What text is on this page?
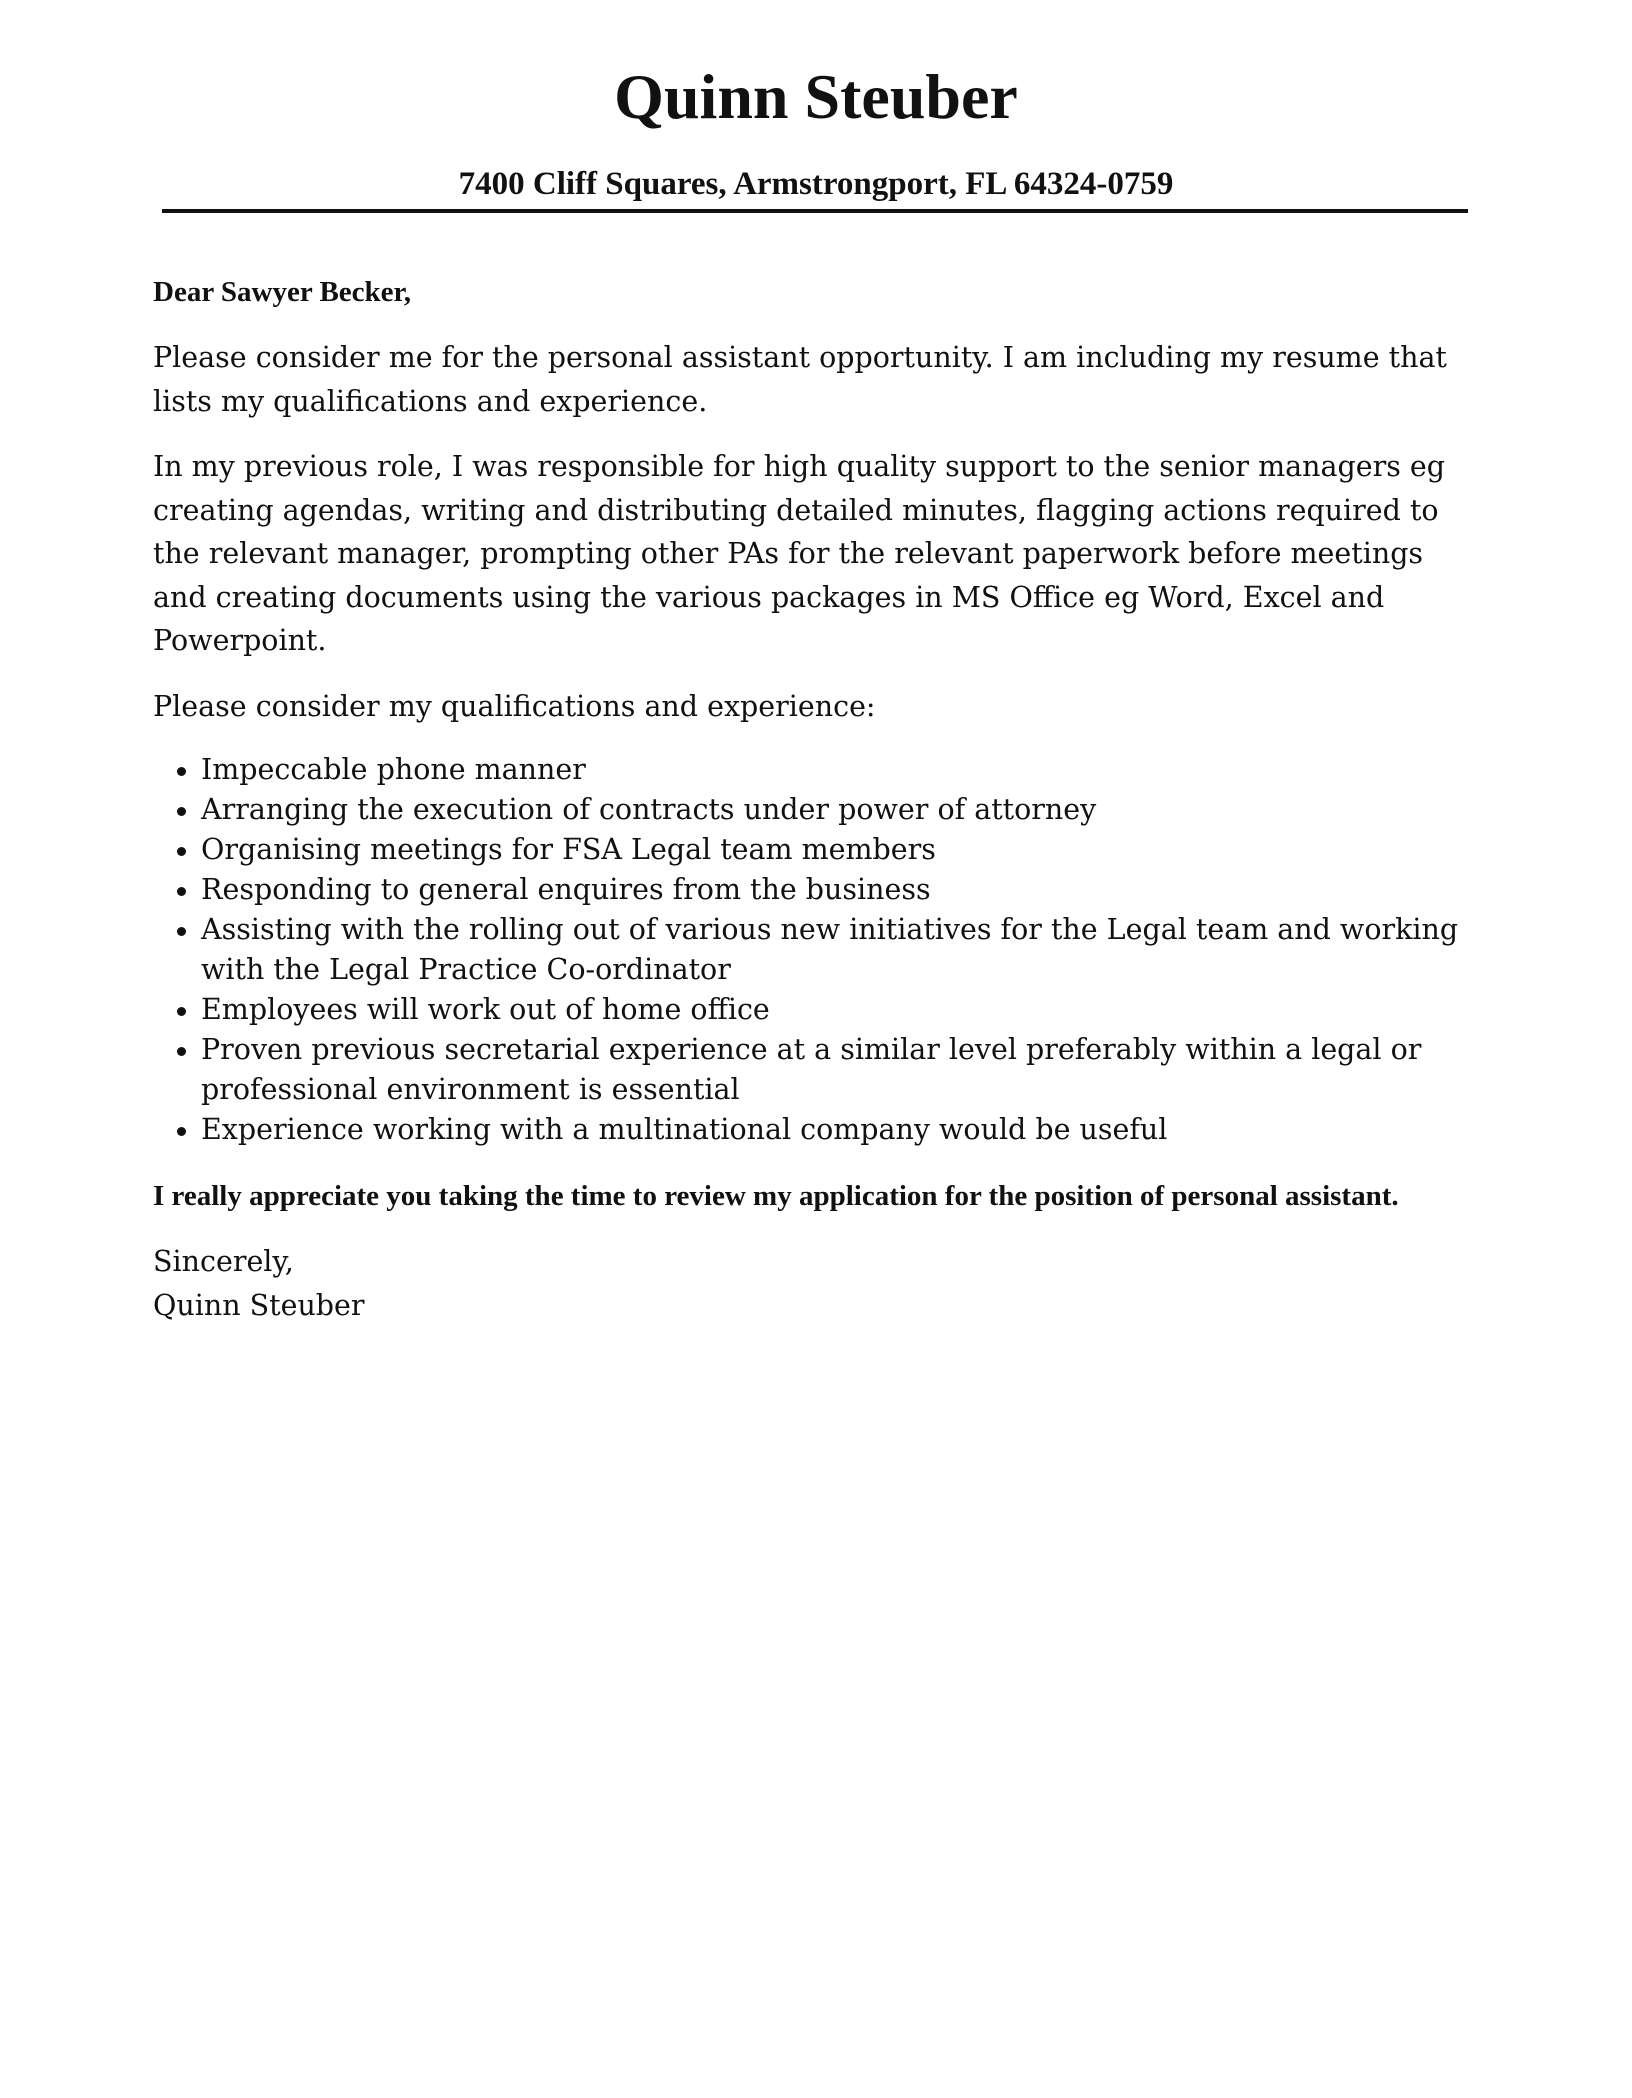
Quinn Steuber
7400 Cliff Squares, Armstrongport, FL 64324-0759
Dear Sawyer Becker,

Please consider me for the personal assistant opportunity. I am including my resume that lists my qualifications and experience.

In my previous role, I was responsible for high quality support to the senior managers eg creating agendas, writing and distributing detailed minutes, flagging actions required to the relevant manager, prompting other PAs for the relevant paperwork before meetings and creating documents using the various packages in MS Office eg Word, Excel and Powerpoint.

Please consider my qualifications and experience:

Impeccable phone manner
Arranging the execution of contracts under power of attorney
Organising meetings for FSA Legal team members
Responding to general enquires from the business
Assisting with the rolling out of various new initiatives for the Legal team and working with the Legal Practice Co-ordinator
Employees will work out of home office
Proven previous secretarial experience at a similar level preferably within a legal or professional environment is essential
Experience working with a multinational company would be useful
I really appreciate you taking the time to review my application for the position of personal assistant.
Sincerely,
Quinn Steuber
